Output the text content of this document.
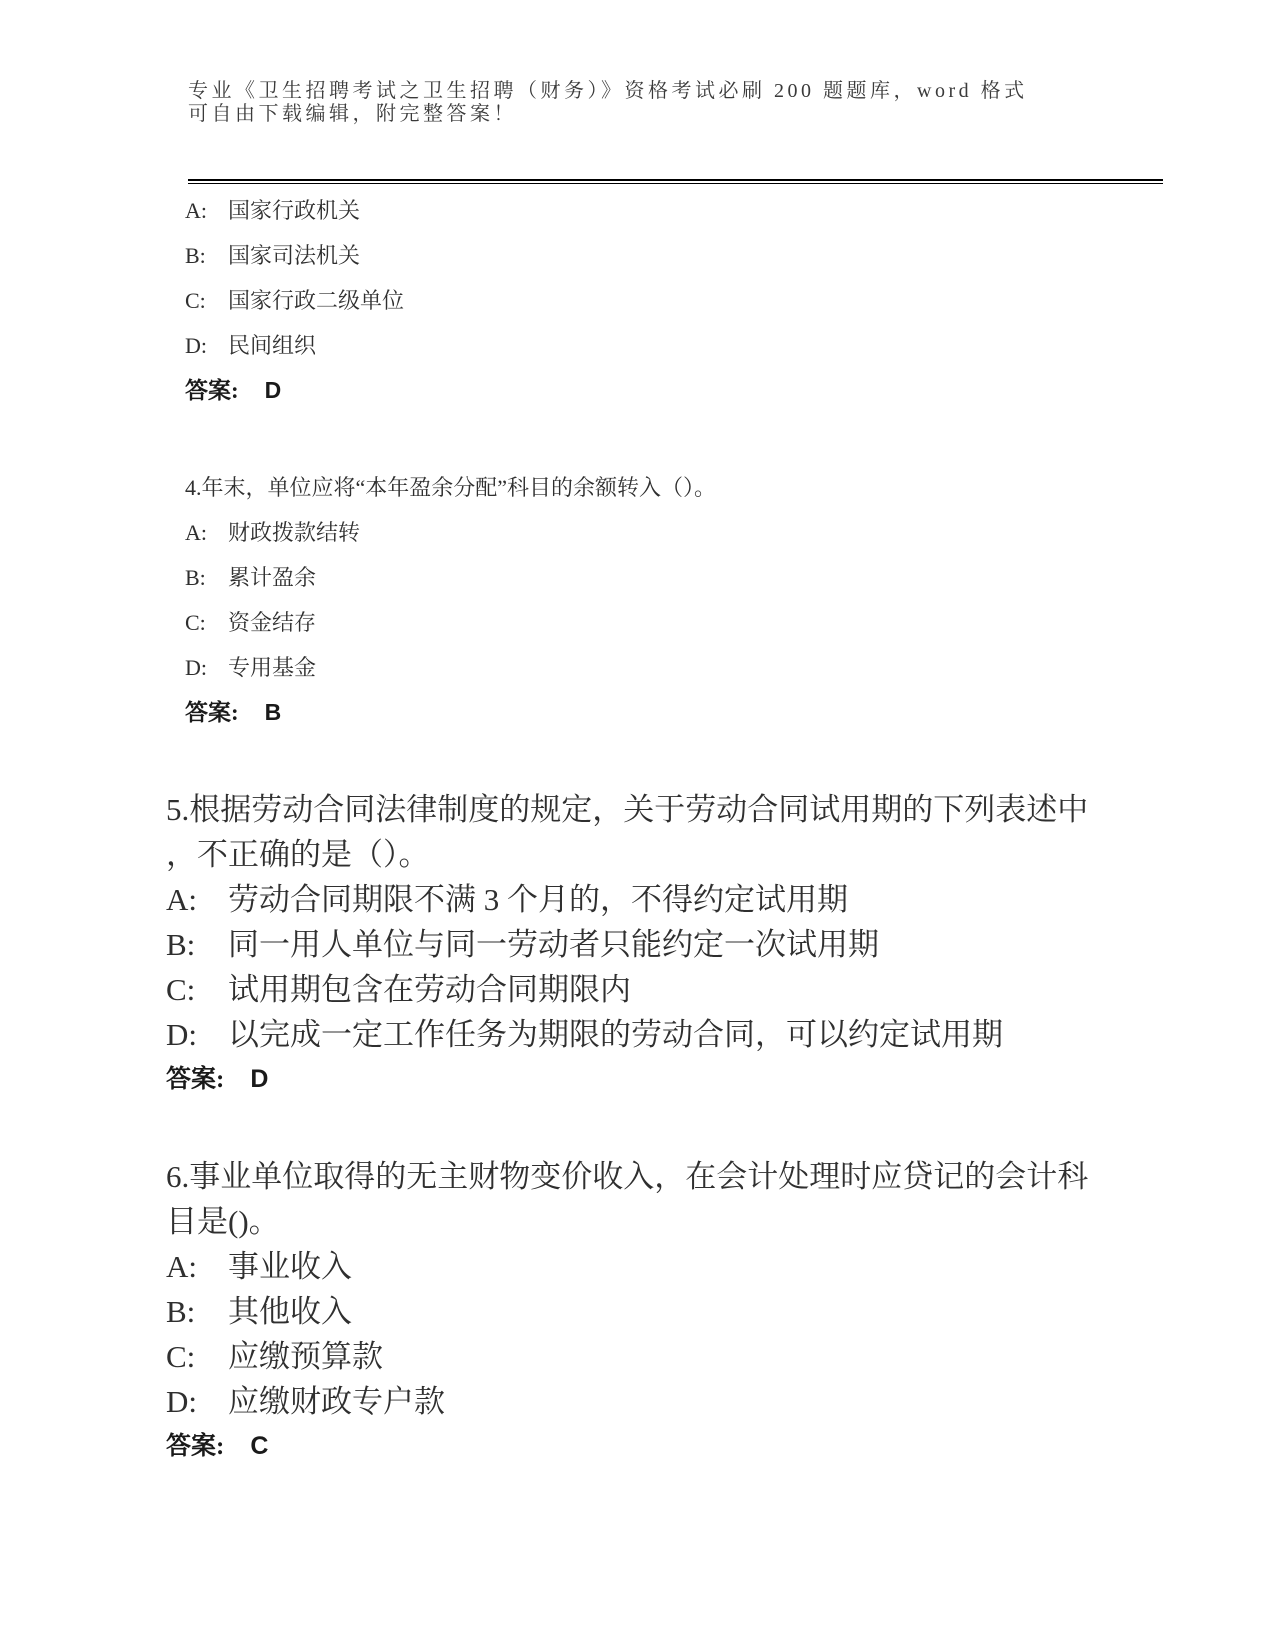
专业《卫生招聘考试之卫生招聘（财务）》资格考试必刷 200 题题库，word 格式
可自由下载编辑，附完整答案！
A: 国家行政机关
B: 国家司法机关
C: 国家行政二级单位
D: 民间组织
答案: D
4.年末，单位应将“本年盈余分配”科目的余额转入（）。
A: 财政拨款结转
B: 累计盈余
C: 资金结存
D: 专用基金
答案: B
5.根据劳动合同法律制度的规定，关于劳动合同试用期的下列表述中
，不正确的是（）。
A: 劳动合同期限不满 3 个月的，不得约定试用期
B: 同一用人单位与同一劳动者只能约定一次试用期
C: 试用期包含在劳动合同期限内
D: 以完成一定工作任务为期限的劳动合同，可以约定试用期
答案: D
6.事业单位取得的无主财物变价收入，在会计处理时应贷记的会计科
目是()。
A: 事业收入
B: 其他收入
C: 应缴预算款
D: 应缴财政专户款
答案: C
